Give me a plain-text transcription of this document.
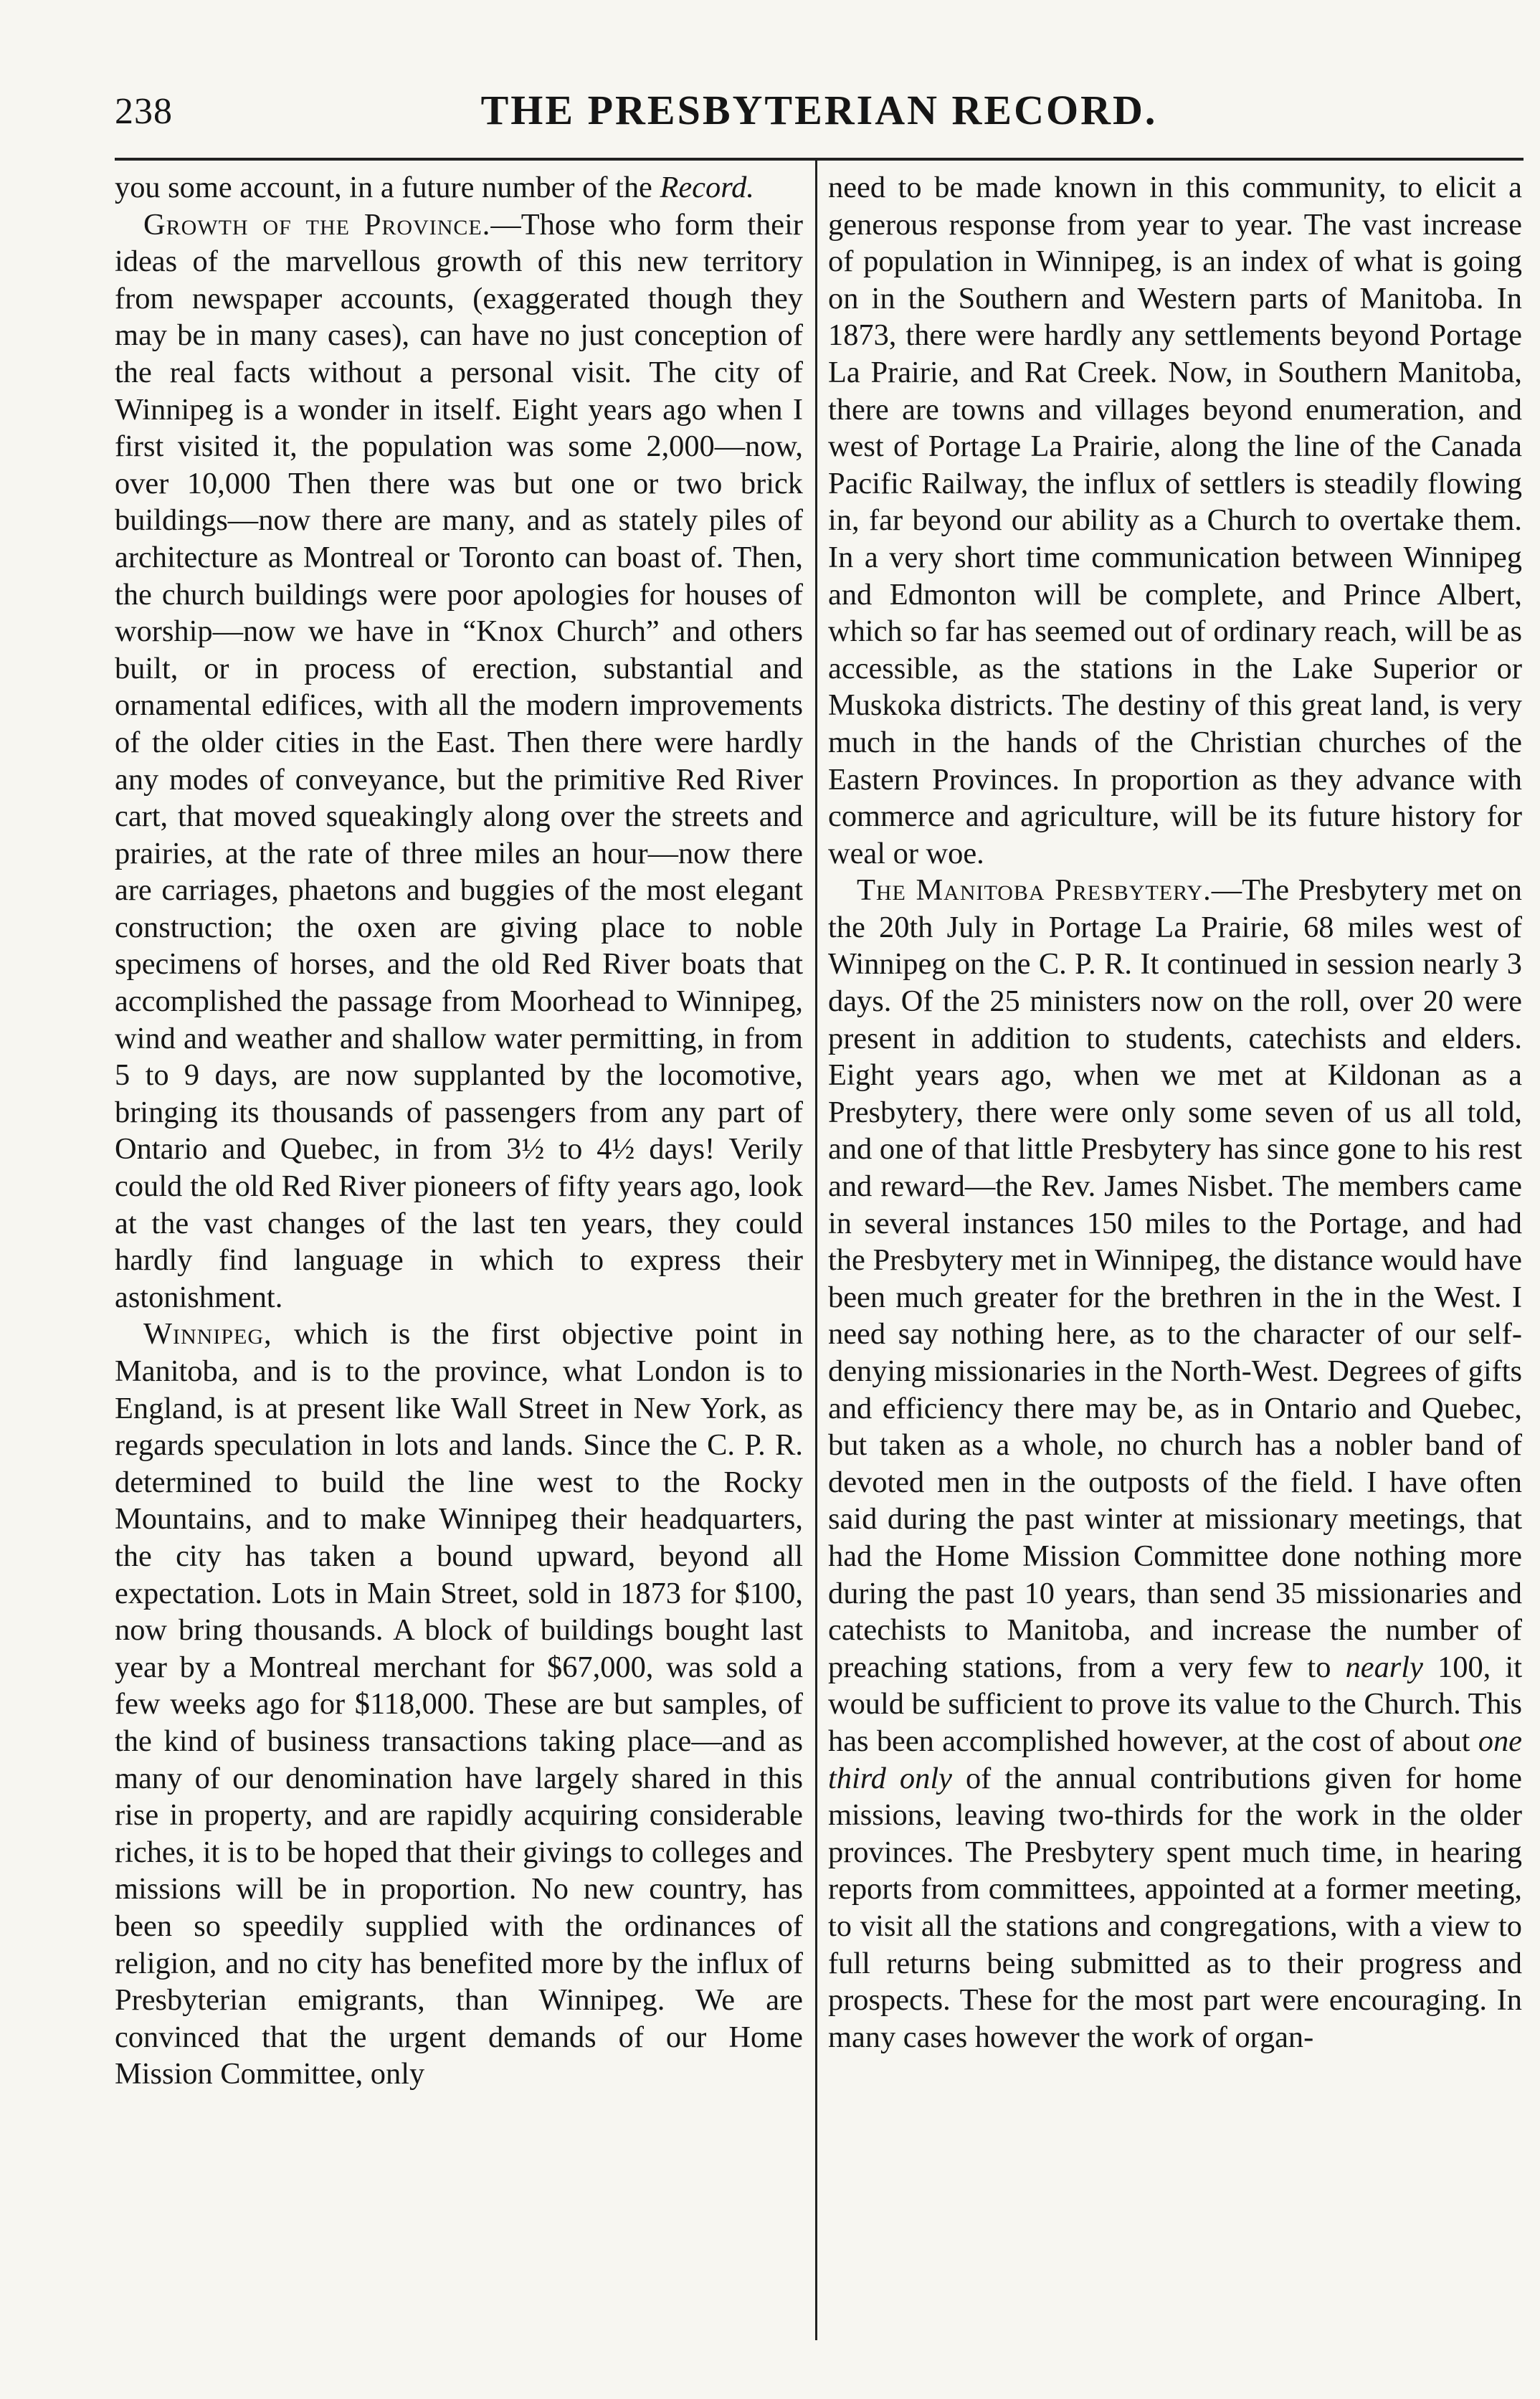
238	THE PRESBYTERIAN RECORD.

you some account, in a future number of the Record.

Growth of the Province.—Those who form their ideas of the marvellous growth of this new territory from newspaper accounts, (exaggerated though they may be in many cases), can have no just conception of the real facts without a personal visit. The city of Winnipeg is a wonder in itself. Eight years ago when I first visited it, the population was some 2,000—now, over 10,000 Then there was but one or two brick buildings—now there are many, and as stately piles of architecture as Montreal or Toronto can boast of. Then, the church buildings were poor apologies for houses of worship—now we have in “Knox Church” and others built, or in process of erection, substantial and ornamental edifices, with all the modern improvements of the older cities in the East. Then there were hardly any modes of conveyance, but the primitive Red River cart, that moved squeakingly along over the streets and prairies, at the rate of three miles an hour—now there are carriages, phaetons and buggies of the most elegant construction; the oxen are giving place to noble specimens of horses, and the old Red River boats that accomplished the passage from Moorhead to Winnipeg, wind and weather and shallow water permitting, in from 5 to 9 days, are now supplanted by the locomotive, bringing its thousands of passengers from any part of Ontario and Quebec, in from 3½ to 4½ days! Verily could the old Red River pioneers of fifty years ago, look at the vast changes of the last ten years, they could hardly find language in which to express their astonishment.

Winnipeg, which is the first objective point in Manitoba, and is to the province, what London is to England, is at present like Wall Street in New York, as regards speculation in lots and lands. Since the C. P. R. determined to build the line west to the Rocky Mountains, and to make Winnipeg their headquarters, the city has taken a bound upward, beyond all expectation. Lots in Main Street, sold in 1873 for $100, now bring thousands. A block of buildings bought last year by a Montreal merchant for $67,000, was sold a few weeks ago for $118,000. These are but samples, of the kind of business transactions taking place—and as many of our denomination have largely shared in this rise in property, and are rapidly acquiring considerable riches, it is to be hoped that their givings to colleges and missions will be in proportion. No new country, has been so speedily supplied with the ordinances of religion, and no city has benefited more by the influx of Presbyterian emigrants, than Winnipeg. We are convinced that the urgent demands of our Home Mission Committee, only

need to be made known in this community, to elicit a generous response from year to year. The vast increase of population in Winnipeg, is an index of what is going on in the Southern and Western parts of Manitoba. In 1873, there were hardly any settlements beyond Portage La Prairie, and Rat Creek. Now, in Southern Manitoba, there are towns and villages beyond enumeration, and west of Portage La Prairie, along the line of the Canada Pacific Railway, the influx of settlers is steadily flowing in, far beyond our ability as a Church to overtake them. In a very short time communication between Winnipeg and Edmonton will be complete, and Prince Albert, which so far has seemed out of ordinary reach, will be as accessible, as the stations in the Lake Superior or Muskoka districts. The destiny of this great land, is very much in the hands of the Christian churches of the Eastern Provinces. In proportion as they advance with commerce and agriculture, will be its future history for weal or woe.

The Manitoba Presbytery.—The Presbytery met on the 20th July in Portage La Prairie, 68 miles west of Winnipeg on the C. P. R. It continued in session nearly 3 days. Of the 25 ministers now on the roll, over 20 were present in addition to students, catechists and elders. Eight years ago, when we met at Kildonan as a Presbytery, there were only some seven of us all told, and one of that little Presbytery has since gone to his rest and reward—the Rev. James Nisbet. The members came in several instances 150 miles to the Portage, and had the Presbytery met in Winnipeg, the distance would have been much greater for the brethren in the in the West. I need say nothing here, as to the character of our self-denying missionaries in the North-West. Degrees of gifts and efficiency there may be, as in Ontario and Quebec, but taken as a whole, no church has a nobler band of devoted men in the outposts of the field. I have often said during the past winter at missionary meetings, that had the Home Mission Committee done nothing more during the past 10 years, than send 35 missionaries and catechists to Manitoba, and increase the number of preaching stations, from a very few to nearly 100, it would be sufficient to prove its value to the Church. This has been accomplished however, at the cost of about one third only of the annual contributions given for home missions, leaving two-thirds for the work in the older provinces. The Presbytery spent much time, in hearing reports from committees, appointed at a former meeting, to visit all the stations and congregations, with a view to full returns being submitted as to their progress and prospects. These for the most part were encouraging. In many cases however the work of organ-
